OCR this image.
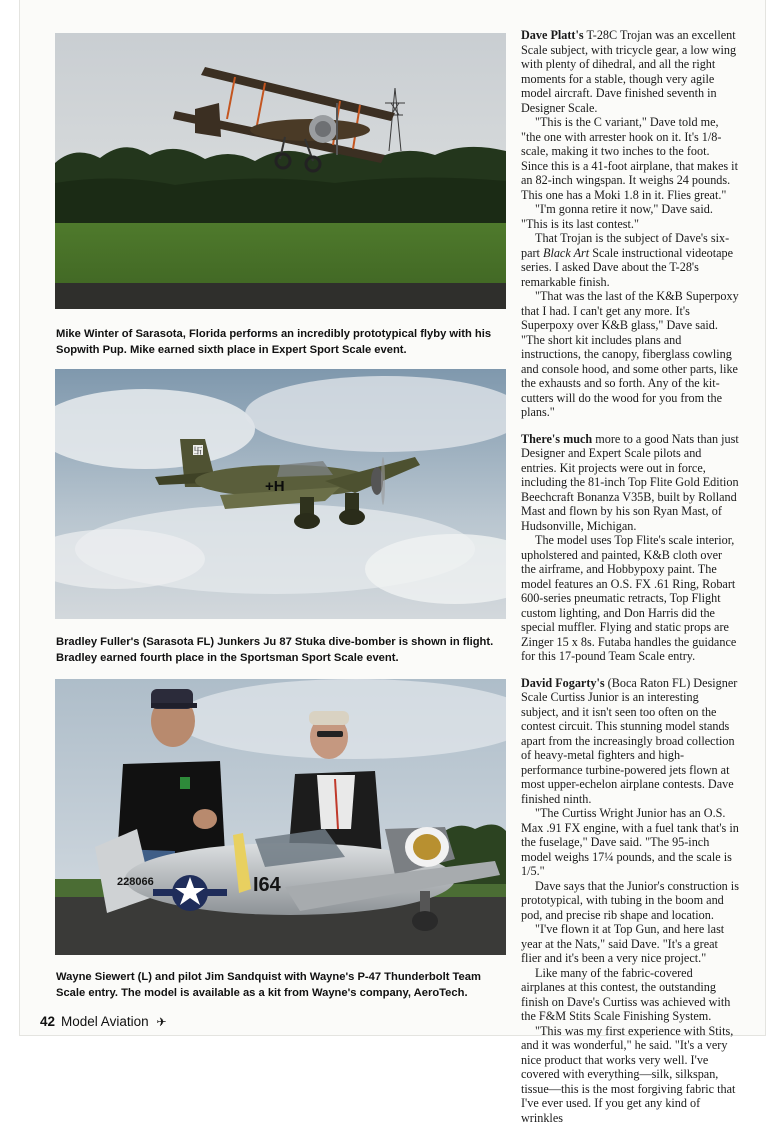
Mike Winter of Sarasota, Florida performs an incredibly prototypical flyby with his Sopwith Pup. Mike earned sixth place in Expert Sport Scale event.
卐
+H
Bradley Fuller's (Sarasota FL) Junkers Ju 87 Stuka dive-bomber is shown in flight. Bradley earned fourth place in the Sportsman Sport Scale event.
I64
228066
Wayne Siewert (L) and pilot Jim Sandquist with Wayne's P-47 Thunderbolt Team Scale entry. The model is available as a kit from Wayne's company, AeroTech.

Dave Platt's T-28C Trojan was an excellent Scale subject, with tricycle gear, a low wing with plenty of dihedral, and all the right moments for a stable, though very agile model aircraft. Dave finished seventh in Designer Scale.

"This is the C variant," Dave told me, "the one with arrester hook on it. It's 1/8-scale, making it two inches to the foot. Since this is a 41-foot airplane, that makes it an 82-inch wingspan. It weighs 24 pounds. This one has a Moki 1.8 in it. Flies great."

"I'm gonna retire it now," Dave said. "This is its last contest."

That Trojan is the subject of Dave's six-part Black Art Scale instructional videotape series. I asked Dave about the T-28's remarkable finish.

"That was the last of the K&B Superpoxy that I had. I can't get any more. It's Superpoxy over K&B glass," Dave said. "The short kit includes plans and instructions, the canopy, fiberglass cowling and console hood, and some other parts, like the exhausts and so forth. Any of the kit-cutters will do the wood for you from the plans."

There's much more to a good Nats than just Designer and Expert Scale pilots and entries. Kit projects were out in force, including the 81-inch Top Flite Gold Edition Beechcraft Bonanza V35B, built by Rolland Mast and flown by his son Ryan Mast, of Hudsonville, Michigan.

The model uses Top Flite's scale interior, upholstered and painted, K&B cloth over the airframe, and Hobbypoxy paint. The model features an O.S. FX .61 Ring, Robart 600-series pneumatic retracts, Top Flight custom lighting, and Don Harris did the special muffler. Flying and static props are Zinger 15 x 8s. Futaba handles the guidance for this 17-pound Team Scale entry.

David Fogarty's (Boca Raton FL) Designer Scale Curtiss Junior is an interesting subject, and it isn't seen too often on the contest circuit. This stunning model stands apart from the increasingly broad collection of heavy-metal fighters and high-performance turbine-powered jets flown at most upper-echelon airplane contests. Dave finished ninth.

"The Curtiss Wright Junior has an O.S. Max .91 FX engine, with a fuel tank that's in the fuselage," Dave said. "The 95-inch model weighs 17¼ pounds, and the scale is 1/5."

Dave says that the Junior's construction is prototypical, with tubing in the boom and pod, and precise rib shape and location.

"I've flown it at Top Gun, and here last year at the Nats," said Dave. "It's a great flier and it's been a very nice project."

Like many of the fabric-covered airplanes at this contest, the outstanding finish on Dave's Curtiss was achieved with the F&M Stits Scale Finishing System.

"This was my first experience with Stits, and it was wonderful," he said. "It's a very nice product that works very well. I've covered with everything—silk, silkspan, tissue—this is the most forgiving fabric that I've ever used. If you get any kind of wrinkles

42 Model Aviation ✈
